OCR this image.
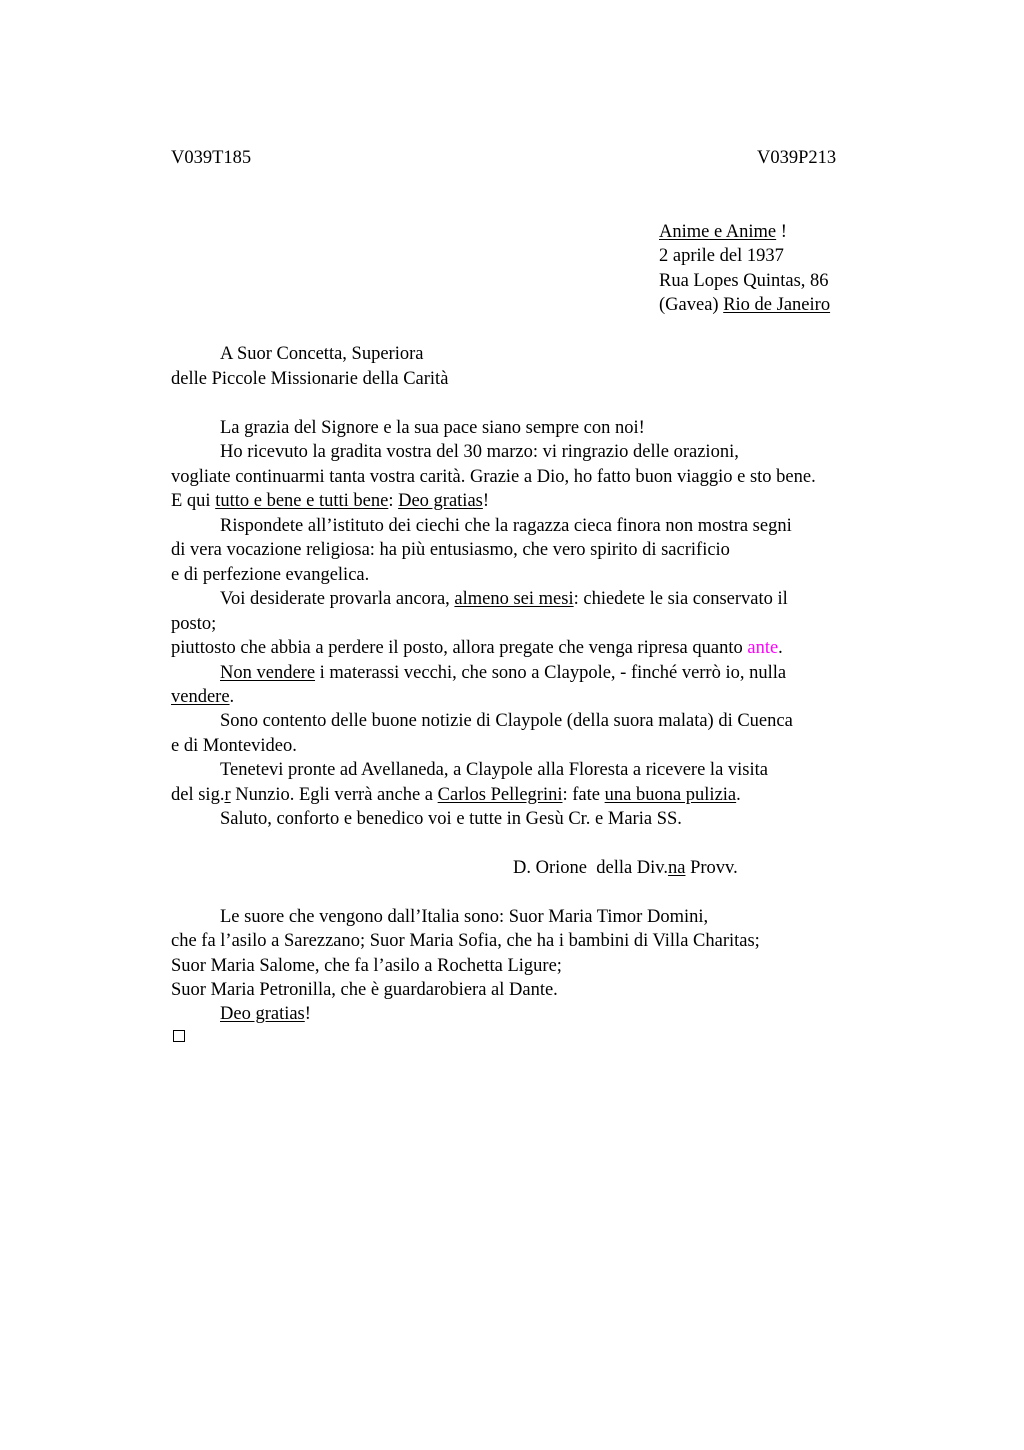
V039T185	V039P213
Anime e Anime !
2 aprile del 1937
Rua Lopes Quintas, 86
(Gavea) Rio de Janeiro
A Suor Concetta, Superiora
delle Piccole Missionarie della Carità
La grazia del Signore e la sua pace siano sempre con noi!
Ho ricevuto la gradita vostra del 30 marzo: vi ringrazio delle orazioni,
vogliate continuarmi tanta vostra carità. Grazie a Dio, ho fatto buon viaggio e sto bene.
E qui tutto e bene e tutti bene: Deo gratias!
Rispondete all’istituto dei ciechi che la ragazza cieca finora non mostra segni
di vera vocazione religiosa: ha più entusiasmo, che vero spirito di sacrificio
e di perfezione evangelica.
Voi desiderate provarla ancora, almeno sei mesi: chiedete le sia conservato il
posto;
piuttosto che abbia a perdere il posto, allora pregate che venga ripresa quanto ante.
Non vendere i materassi vecchi, che sono a Claypole, - finché verrò io, nulla
vendere.
Sono contento delle buone notizie di Claypole (della suora malata) di Cuenca
e di Montevideo.
Tenetevi pronte ad Avellaneda, a Claypole alla Floresta a ricevere la visita
del sig.r Nunzio. Egli verrà anche a Carlos Pellegrini: fate una buona pulizia.
Saluto, conforto e benedico voi e tutte in Gesù Cr. e Maria SS.
D. Orione  della Div.na Provv.
Le suore che vengono dall’Italia sono: Suor Maria Timor Domini,
che fa l’asilo a Sarezzano; Suor Maria Sofia, che ha i bambini di Villa Charitas;
Suor Maria Salome, che fa l’asilo a Rochetta Ligure;
Suor Maria Petronilla, che è guardarobiera al Dante.
Deo gratias!
